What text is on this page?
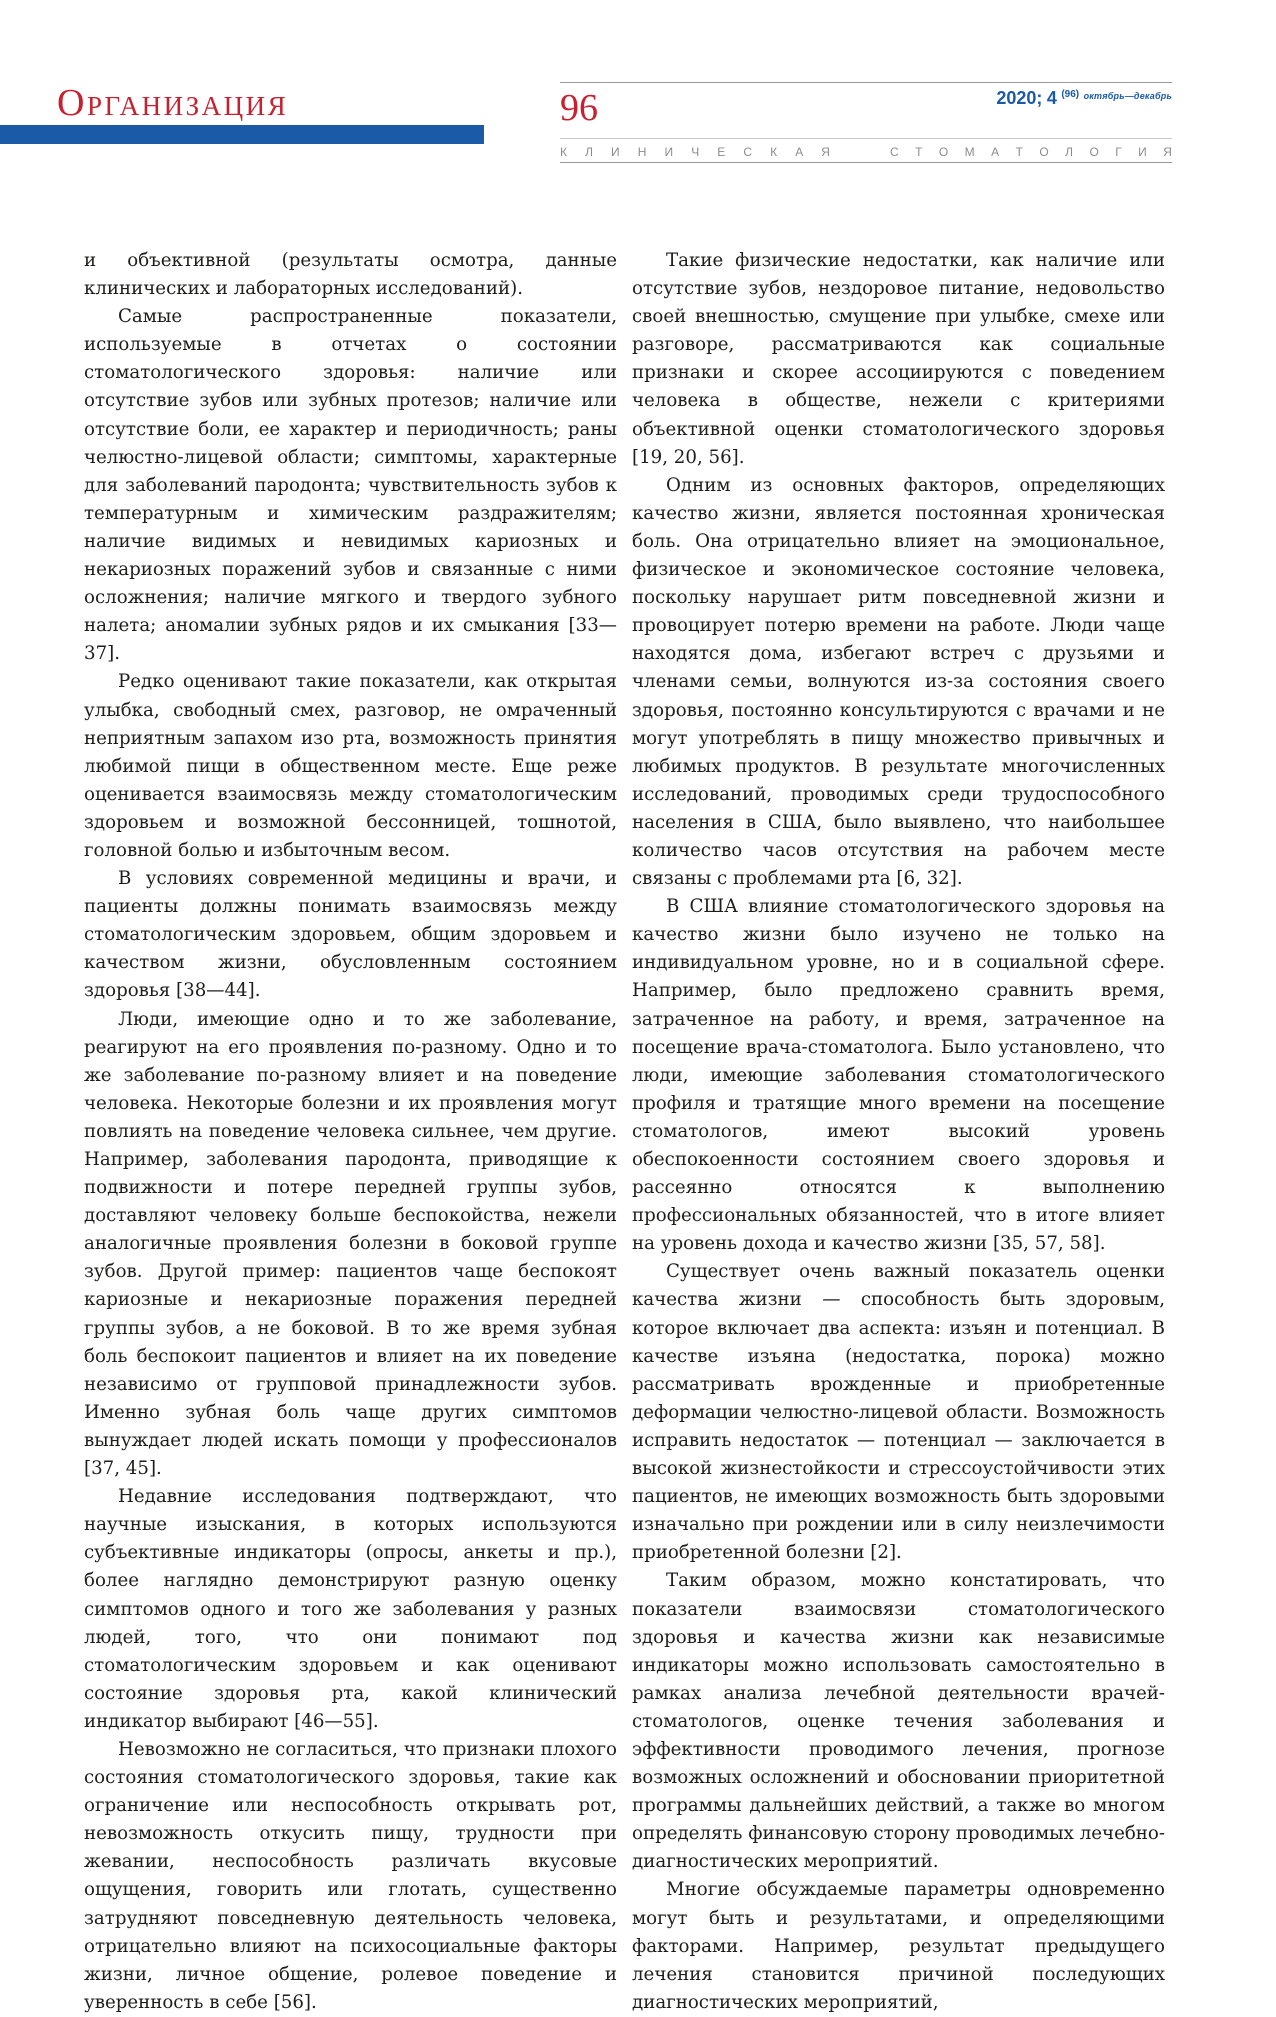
Организация	96	2020; 4 $^{(96)}$ $^{октябрь—декабрь}$
К Л И Н И Ч Е С К А Я	С Т О М А Т О Л О Г И Я

и объективной (результаты осмотра, данные клинических и лабораторных исследований).

Самые распространенные показатели, используемые в отчетах о состоянии стоматологического здоровья: наличие или отсутствие зубов или зубных протезов; наличие или отсутствие боли, ее характер и периодичность; раны челюстно-лицевой области; симптомы, характерные для заболеваний пародонта; чувствительность зубов к температурным и химическим раздражителям; наличие видимых и невидимых кариозных и некариозных поражений зубов и связанные с ними осложнения; наличие мягкого и твердого зубного налета; аномалии зубных рядов и их смыкания [33—37].

Редко оценивают такие показатели, как открытая улыбка, свободный смех, разговор, не омраченный неприятным запахом изо рта, возможность принятия любимой пищи в общественном месте. Еще реже оценивается взаимосвязь между стоматологическим здоровьем и возможной бессонницей, тошнотой, головной болью и избыточным весом.

В условиях современной медицины и врачи, и пациенты должны понимать взаимосвязь между стоматологическим здоровьем, общим здоровьем и качеством жизни, обусловленным состоянием здоровья [38—44].

Люди, имеющие одно и то же заболевание, реагируют на его проявления по-разному. Одно и то же заболевание по-разному влияет и на поведение человека. Некоторые болезни и их проявления могут повлиять на поведение человека сильнее, чем другие. Например, заболевания пародонта, приводящие к подвижности и потере передней группы зубов, доставляют человеку больше беспокойства, нежели аналогичные проявления болезни в боковой группе зубов. Другой пример: пациентов чаще беспокоят кариозные и некариозные поражения передней группы зубов, а не боковой. В то же время зубная боль беспокоит пациентов и влияет на их поведение независимо от групповой принадлежности зубов. Именно зубная боль чаще других симптомов вынуждает людей искать помощи у профессионалов [37, 45].

Недавние исследования подтверждают, что научные изыскания, в которых используются субъективные индикаторы (опросы, анкеты и пр.), более наглядно демонстрируют разную оценку симптомов одного и того же заболевания у разных людей, того, что они понимают под стоматологическим здоровьем и как оценивают состояние здоровья рта, какой клинический индикатор выбирают [46—55].

Невозможно не согласиться, что признаки плохого состояния стоматологического здоровья, такие как ограничение или неспособность открывать рот, невозможность откусить пищу, трудности при жевании, неспособность различать вкусовые ощущения, говорить или глотать, существенно затрудняют повседневную деятельность человека, отрицательно влияют на психосоциальные факторы жизни, личное общение, ролевое поведение и уверенность в себе [56].

Такие физические недостатки, как наличие или отсутствие зубов, нездоровое питание, недовольство своей внешностью, смущение при улыбке, смехе или разговоре, рассматриваются как социальные признаки и скорее ассоциируются с поведением человека в обществе, нежели с критериями объективной оценки стоматологического здоровья [19, 20, 56].

Одним из основных факторов, определяющих качество жизни, является постоянная хроническая боль. Она отрицательно влияет на эмоциональное, физическое и экономическое состояние человека, поскольку нарушает ритм повседневной жизни и провоцирует потерю времени на работе. Люди чаще находятся дома, избегают встреч с друзьями и членами семьи, волнуются из-за состояния своего здоровья, постоянно консультируются с врачами и не могут употреблять в пищу множество привычных и любимых продуктов. В результате многочисленных исследований, проводимых среди трудоспособного населения в США, было выявлено, что наибольшее количество часов отсутствия на рабочем месте связаны с проблемами рта [6, 32].

В США влияние стоматологического здоровья на качество жизни было изучено не только на индивидуальном уровне, но и в социальной сфере. Например, было предложено сравнить время, затраченное на работу, и время, затраченное на посещение врача-стоматолога. Было установлено, что люди, имеющие заболевания стоматологического профиля и тратящие много времени на посещение стоматологов, имеют высокий уровень обеспокоенности состоянием своего здоровья и рассеянно относятся к выполнению профессиональных обязанностей, что в итоге влияет на уровень дохода и качество жизни [35, 57, 58].

Существует очень важный показатель оценки качества жизни — способность быть здоровым, которое включает два аспекта: изъян и потенциал. В качестве изъяна (недостатка, порока) можно рассматривать врожденные и приобретенные деформации челюстно-лицевой области. Возможность исправить недостаток — потенциал — заключается в высокой жизнестойкости и стрессоустойчивости этих пациентов, не имеющих возможность быть здоровыми изначально при рождении или в силу неизлечимости приобретенной болезни [2].

Таким образом, можно констатировать, что показатели взаимосвязи стоматологического здоровья и качества жизни как независимые индикаторы можно использовать самостоятельно в рамках анализа лечебной деятельности врачей-стоматологов, оценке течения заболевания и эффективности проводимого лечения, прогнозе возможных осложнений и обосновании приоритетной программы дальнейших действий, а также во многом определять финансовую сторону проводимых лечебно-диагностических мероприятий.

Многие обсуждаемые параметры одновременно могут быть и результатами, и определяющими факторами. Например, результат предыдущего лечения становится причиной последующих диагностических мероприятий,
